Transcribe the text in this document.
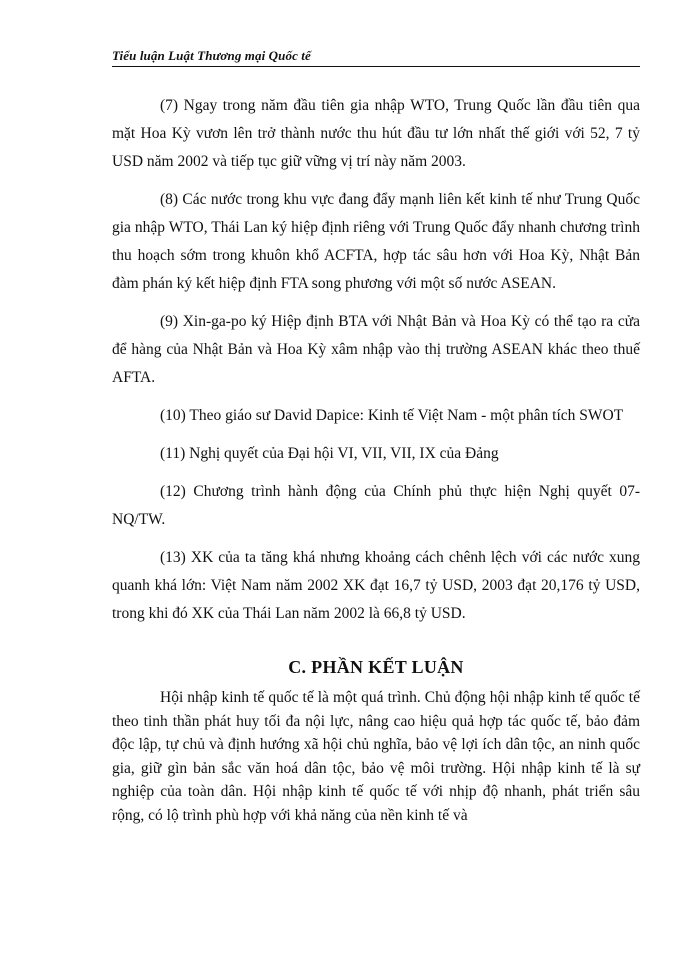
Tiểu luận Luật Thương mại Quốc tế

(7) Ngay trong năm đầu tiên gia nhập WTO, Trung Quốc lần đầu tiên qua mặt Hoa Kỳ vươn lên trở thành nước thu hút đầu tư lớn nhất thế giới với 52, 7 tỷ USD năm 2002 và tiếp tục giữ vững vị trí này năm 2003.

(8) Các nước trong khu vực đang đẩy mạnh liên kết kinh tế như Trung Quốc gia nhập WTO, Thái Lan ký hiệp định riêng với Trung Quốc đẩy nhanh chương trình thu hoạch sớm trong khuôn khổ ACFTA, hợp tác sâu hơn với Hoa Kỳ, Nhật Bản đàm phán ký kết hiệp định FTA song phương với một số nước ASEAN.

(9) Xin-ga-po ký Hiệp định BTA với Nhật Bản và Hoa Kỳ có thể tạo ra cửa để hàng của Nhật Bản và Hoa Kỳ xâm nhập vào thị trường ASEAN khác theo thuế AFTA.

(10) Theo giáo sư David Dapice: Kinh tế Việt Nam - một phân tích SWOT

(11) Nghị quyết của Đại hội VI, VII, VII, IX của Đảng

(12) Chương trình hành động của Chính phủ thực hiện Nghị quyết 07-NQ/TW.

(13) XK của ta tăng khá nhưng khoảng cách chênh lệch với các nước xung quanh khá lớn: Việt Nam năm 2002 XK đạt 16,7 tỷ USD, 2003 đạt 20,176 tỷ USD, trong khi đó XK của Thái Lan năm 2002 là 66,8 tỷ USD.

C. PHẦN KẾT LUẬN

Hội nhập kinh tế quốc tế là một quá trình. Chủ động hội nhập kinh tế quốc tế theo tinh thần phát huy tối đa nội lực, nâng cao hiệu quả hợp tác quốc tế, bảo đảm độc lập, tự chủ và định hướng xã hội chủ nghĩa, bảo vệ lợi ích dân tộc, an ninh quốc gia, giữ gìn bản sắc văn hoá dân tộc, bảo vệ môi trường. Hội nhập kinh tế là sự nghiệp của toàn dân. Hội nhập kinh tế quốc tế với nhịp độ nhanh, phát triển sâu rộng, có lộ trình phù hợp với khả năng của nền kinh tế và
